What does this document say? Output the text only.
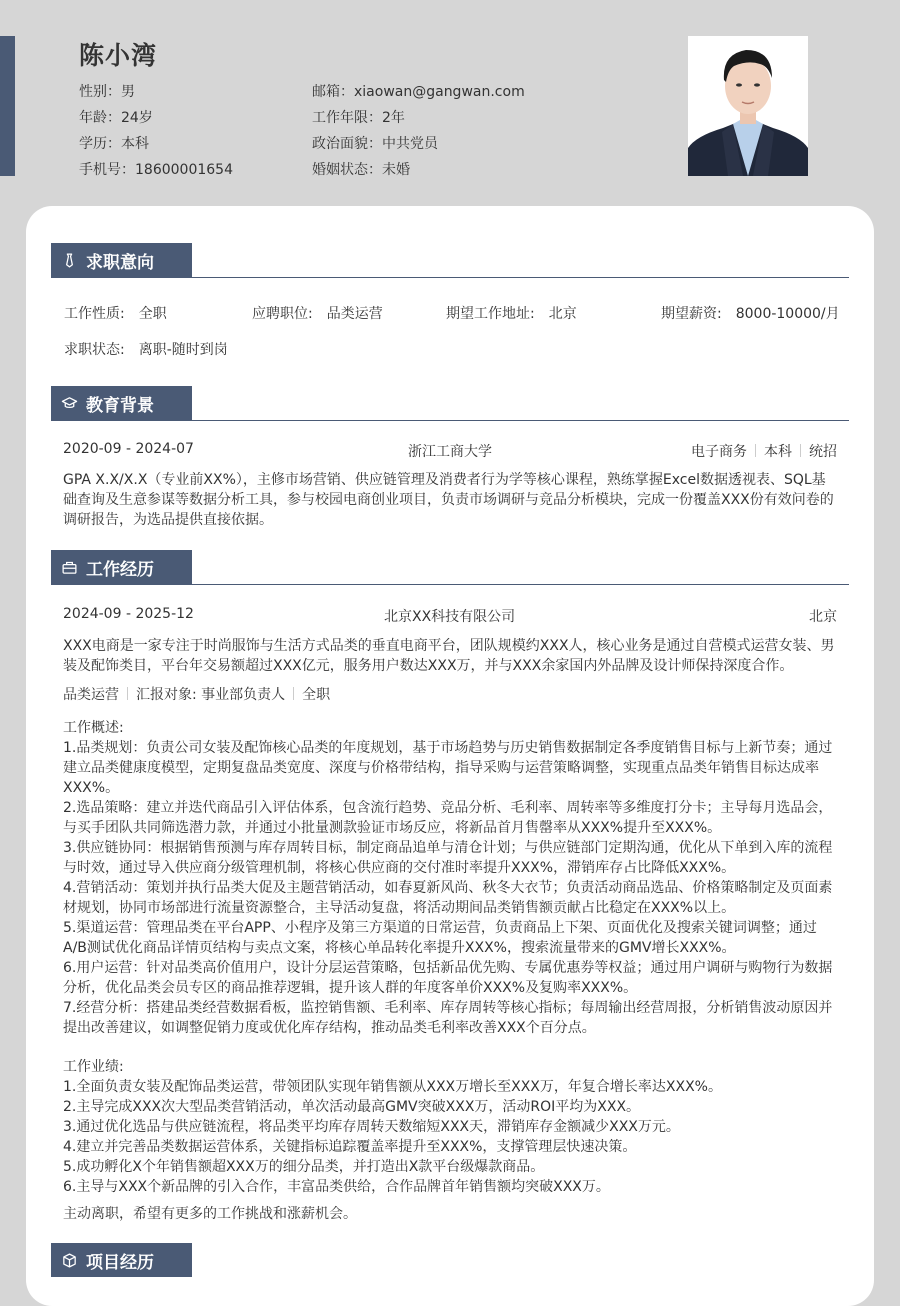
陈小湾
性别：男
年龄：24岁
学历：本科
手机号：18600001654
邮箱：xiaowan@gangwan.com
工作年限：2年
政治面貌：中共党员
婚姻状态：未婚
求职意向
工作性质: 全职	应聘职位: 品类运营	期望工作地址: 北京	期望薪资: 8000-10000/月
求职状态: 离职-随时到岗
教育背景
2020-09 - 2024-07	浙江工商大学	电子商务 本科 统招
GPA X.X/X.X（专业前XX%），主修市场营销、供应链管理及消费者行为学等核心课程，熟练掌握Excel数据透视表、SQL基础查询及生意参谋等数据分析工具，参与校园电商创业项目，负责市场调研与竞品分析模块，完成一份覆盖XXX份有效问卷的调研报告，为选品提供直接依据。
工作经历
2024-09 - 2025-12	北京XX科技有限公司	北京
XXX电商是一家专注于时尚服饰与生活方式品类的垂直电商平台，团队规模约XXX人，核心业务是通过自营模式运营女装、男装及配饰类目，平台年交易额超过XXX亿元，服务用户数达XXX万，并与XXX余家国内外品牌及设计师保持深度合作。
品类运营 汇报对象: 事业部负责人 全职
工作概述:
1.品类规划：负责公司女装及配饰核心品类的年度规划，基于市场趋势与历史销售数据制定各季度销售目标与上新节奏；通过建立品类健康度模型，定期复盘品类宽度、深度与价格带结构，指导采购与运营策略调整，实现重点品类年销售目标达成率XXX%。
2.选品策略：建立并迭代商品引入评估体系，包含流行趋势、竞品分析、毛利率、周转率等多维度打分卡；主导每月选品会，与买手团队共同筛选潜力款，并通过小批量测款验证市场反应，将新品首月售罄率从XXX%提升至XXX%。
3.供应链协同：根据销售预测与库存周转目标，制定商品追单与清仓计划；与供应链部门定期沟通，优化从下单到入库的流程与时效，通过导入供应商分级管理机制，将核心供应商的交付准时率提升XXX%，滞销库存占比降低XXX%。
4.营销活动：策划并执行品类大促及主题营销活动，如春夏新风尚、秋冬大衣节；负责活动商品选品、价格策略制定及页面素材规划，协同市场部进行流量资源整合，主导活动复盘，将活动期间品类销售额贡献占比稳定在XXX%以上。
5.渠道运营：管理品类在平台APP、小程序及第三方渠道的日常运营，负责商品上下架、页面优化及搜索关键词调整；通过A/B测试优化商品详情页结构与卖点文案，将核心单品转化率提升XXX%，搜索流量带来的GMV增长XXX%。
6.用户运营：针对品类高价值用户，设计分层运营策略，包括新品优先购、专属优惠券等权益；通过用户调研与购物行为数据分析，优化品类会员专区的商品推荐逻辑，提升该人群的年度客单价XXX%及复购率XXX%。
7.经营分析：搭建品类经营数据看板，监控销售额、毛利率、库存周转等核心指标；每周输出经营周报，分析销售波动原因并提出改善建议，如调整促销力度或优化库存结构，推动品类毛利率改善XXX个百分点。
工作业绩:
1.全面负责女装及配饰品类运营，带领团队实现年销售额从XXX万增长至XXX万，年复合增长率达XXX%。
2.主导完成XXX次大型品类营销活动，单次活动最高GMV突破XXX万，活动ROI平均为XXX。
3.通过优化选品与供应链流程，将品类平均库存周转天数缩短XXX天，滞销库存金额减少XXX万元。
4.建立并完善品类数据运营体系，关键指标追踪覆盖率提升至XXX%，支撑管理层快速决策。
5.成功孵化X个年销售额超XXX万的细分品类，并打造出X款平台级爆款商品。
6.主导与XXX个新品牌的引入合作，丰富品类供给，合作品牌首年销售额均突破XXX万。
主动离职，希望有更多的工作挑战和涨薪机会。
项目经历
